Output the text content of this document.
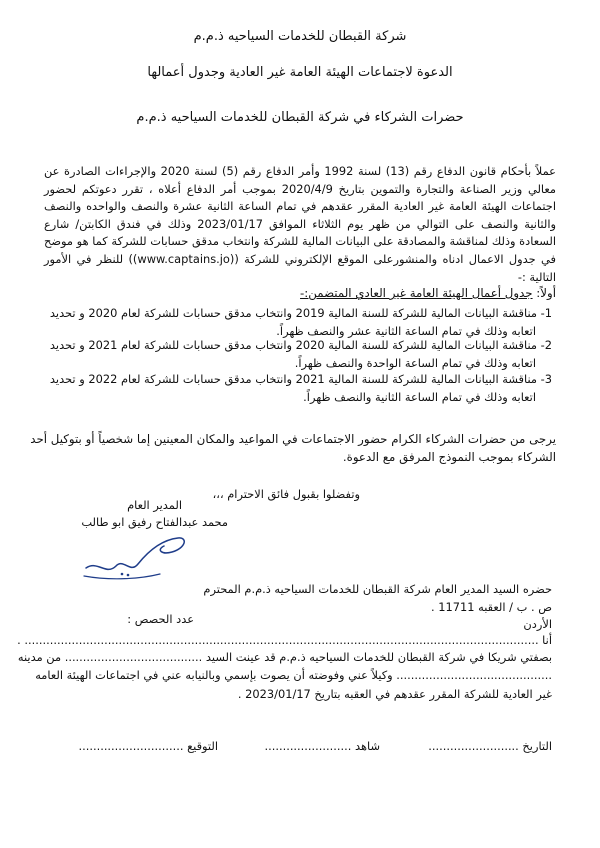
شركة القبطان للخدمات السياحيه ذ.م.م

الدعوة لاجتماعات الهيئة العامة غير العادية وجدول أعمالها

حضرات الشركاء في شركة القبطان للخدمات السياحيه ذ.م.م

عملاً بأحكام قانون الدفاع رقم (13) لسنة 1992 وأمر الدفاع رقم (5) لسنة 2020 والإجراءات الصادرة عن معالي وزير الصناعة والتجارة والتموين بتاريخ 2020/4/9 بموجب أمر الدفاع أعلاه ، تقرر دعوتكم لحضور اجتماعات الهيئة العامة غير العادية المقرر عقدهم في تمام الساعة الثانية عشرة والنصف والواحده والنصف والثانية والنصف على التوالي من ظهر يوم الثلاثاء الموافق 2023/01/17 وذلك في فندق الكابتن/ شارع السعادة وذلك لمناقشة والمصادقة على البيانات المالية للشركة وانتخاب مدقق حسابات للشركة كما هو موضح في جدول الاعمال ادناه والمنشورعلى الموقع الإلكتروني للشركة ((www.captains.jo)) للنظر في الأمور التالية :-

أولاً: جدول أعمال الهيئة العامة غير العادي المتضمن:-

1- مناقشة البيانات المالية للشركة للسنة المالية 2019 وانتخاب مدقق حسابات للشركة لعام 2020 و تحديد

اتعابه وذلك في تمام الساعة الثانية عشر والنصف ظهراً.

2- مناقشة البيانات المالية للشركة للسنة المالية 2020 وانتخاب مدقق حسابات للشركة لعام 2021 و تحديد

اتعابه وذلك في تمام الساعة الواحدة والنصف ظهراً.

3- مناقشة البيانات المالية للشركة للسنة المالية 2021 وانتخاب مدقق حسابات للشركة لعام 2022 و تحديد

اتعابه وذلك في تمام الساعة الثانية والنصف ظهراً.

يرجى من حضرات الشركاء الكرام حضور الاجتماعات في المواعيد والمكان المعينين إما شخصياً أو بتوكيل أحد

الشركاء بموجب النموذج المرفق مع الدعوة.

وتفضلوا بقبول فائق الاحترام ،،،

المدير العام

محمد عبدالفتاح رفيق ابو طالب

حضره السيد المدير العام شركة القبطان للخدمات السياحيه ذ.م.م المحترم

ص . ب / العقبه 11711 .

عدد الحصص :	الأردن

أنا .............................................................................................................................................. .

بصفتي شريكا في شركة القبطان للخدمات السياحيه ذ.م.م قد عينت السيد ...................................... من مدينه

........................................... وكيلاً عني وفوضته أن يصوت بإسمي وبالنيابه عني في اجتماعات الهيئة العامه

غير العادية للشركة المقرر عقدهم في العقبه بتاريخ 2023/01/17 .

التاريخ .........................

شاهد ........................

التوقيع .............................
